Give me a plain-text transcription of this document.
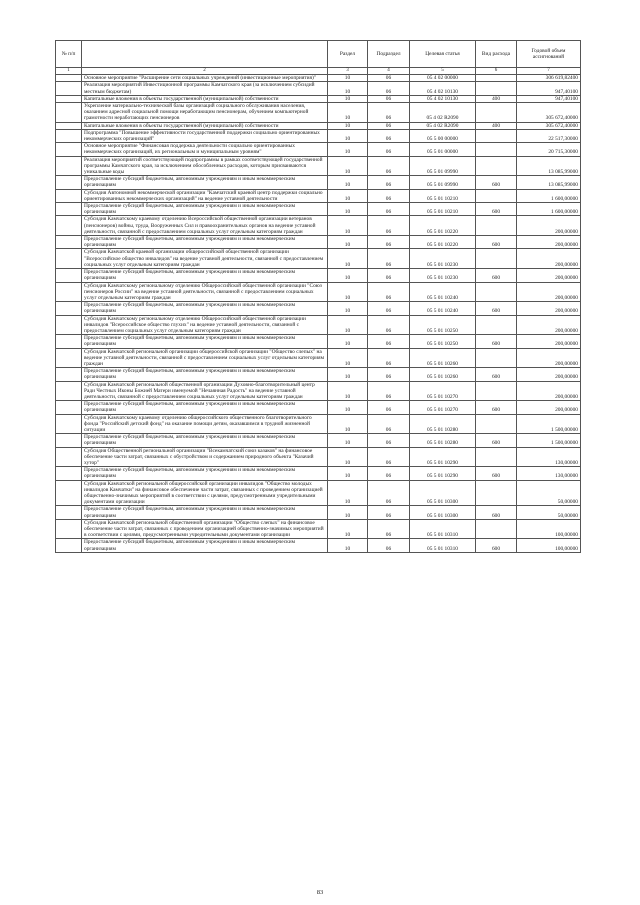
№ п/п		Раздел	Подраздел	Целевая статья	Вид расхода	Годовой объем ассигнований
1	2	3	4	5	6	7
	Основное мероприятие "Расширение сети социальных учреждений (инвестиционные мероприятия)"	10	06	05 4 02 00000		306 619,82400
	Реализация мероприятий Инвестиционной программы Камчатского края (за исключением субсидий местным бюджетам)	10	06	05 4 02 10130		947,40100
	Капитальные вложения в объекты государственной (муниципальной) собственности	10	06	05 4 02 10130	400	947,40100
	Укрепление материально-технической базы организаций социального обслуживания населения, оказанием адресной социальной помощи неработающим пенсионерам, обучением компьютерной грамотности неработающих пенсионеров	10	06	05 4 02 R2090		305 672,40000
	Капитальные вложения в объекты государственной (муниципальной) собственности	10	06	05 4 02 R2090	400	305 672,40000
	Подпрограмма "Повышение эффективности государственной поддержки социально ориентированных некоммерческих организаций"	10	06	05 5 00 00000		22 517,30000
	Основное мероприятие "Финансовая поддержка деятельности социально ориентированных некоммерческих организаций, их региональным и муниципальным уровням"	10	06	05 5 01 00000		20 715,30000
	Реализация мероприятий соответствующей подпрограммы в рамках соответствующей государственной программы Камчатского края, за исключением обособленных расходов, которым присваиваются уникальные коды	10	06	05 5 01 09990		13 085,99000
	Предоставление субсидий бюджетным, автономным учреждениям и иным некоммерческим организациям	10	06	05 5 01 09990	600	13 085,99000
	Субсидия Автономной некоммерческой организации "Камчатский краевой центр поддержки социально ориентированных некоммерческих организаций" на ведение уставной деятельности	10	06	05 5 01 10210		1 600,00000
	Предоставление субсидий бюджетным, автономным учреждениям и иным некоммерческим организациям	10	06	05 5 01 10210	600	1 600,00000
	Субсидия Камчатскому краевому отделению Всероссийской общественной организации ветеранов (пенсионеров) войны, труда, Вооруженных Сил и правоохранительных органов на ведение уставной деятельности, связанной с предоставлением социальных услуг отдельным категориям граждан	10	06	05 5 01 10220		200,00000
	Предоставление субсидий бюджетным, автономным учреждениям и иным некоммерческим организациям	10	06	05 5 01 10220	600	200,00000
	Субсидия Камчатской краевой организации общероссийской общественной организации "Всероссийское общество инвалидов" на ведение уставной деятельности, связанной с предоставлением социальных услуг отдельным категориям граждан	10	06	05 5 01 10230		200,00000
	Предоставление субсидий бюджетным, автономным учреждениям и иным некоммерческим организациям	10	06	05 5 01 10230	600	200,00000
	Субсидия Камчатскому региональному отделению Общероссийской общественной организации "Союз пенсионеров России" на ведение уставной деятельности, связанной с предоставлением социальных услуг отдельным категориям граждан	10	06	05 5 01 10240		200,00000
	Предоставление субсидий бюджетным, автономным учреждениям и иным некоммерческим организациям	10	06	05 5 01 10240	600	200,00000
	Субсидия Камчатскому региональному отделению Общероссийской общественной организации инвалидов "Всероссийское общество глухих" на ведение уставной деятельности, связанной с предоставлением социальных услуг отдельным категориям граждан	10	06	05 5 01 10250		200,00000
	Предоставление субсидий бюджетным, автономным учреждениям и иным некоммерческим организациям	10	06	05 5 01 10250	600	200,00000
	Субсидия Камчатской региональной организации общероссийской организации "Общество слепых" на ведение уставной деятельности, связанной с предоставлением социальных услуг отдельным категориям граждан	10	06	05 5 01 10260		200,00000
	Предоставление субсидий бюджетным, автономным учреждениям и иным некоммерческим организациям	10	06	05 5 01 10260	600	200,00000
	Субсидия Камчатской региональной общественной организации Духовно-благотворительный центр Ради Честных Иконы Божией Матери именуемой "Нечаянная Радость" на ведение уставной деятельности, связанной с предоставлением социальных услуг отдельным категориям граждан	10	06	05 5 01 10270		200,00000
	Предоставление субсидий бюджетным, автономным учреждениям и иным некоммерческим организациям	10	06	05 5 01 10270	600	200,00000
	Субсидия Камчатскому краевому отделению общероссийского общественного благотворительного фонда "Российский детский фонд" на оказание помощи детям, оказавшимся в трудной жизненной ситуации	10	06	05 5 01 10280		1 500,00000
	Предоставление субсидий бюджетным, автономным учреждениям и иным некоммерческим организациям	10	06	05 5 01 10280	600	1 500,00000
	Субсидия Общественной региональной организации "Всекамчатский союз казаков" на финансовое обеспечение части затрат, связанных с обустройством и содержанием природного объекта "Казачий хутор"	10	06	05 5 01 10290		130,00000
	Предоставление субсидий бюджетным, автономным учреждениям и иным некоммерческим организациям	10	06	05 5 01 10290	600	130,00000
	Субсидия Камчатской региональной общероссийской организации инвалидов "Общество молодых инвалидов Камчатки" на финансовое обеспечение части затрат, связанных с проведением организацией общественно-значимых мероприятий в соответствии с целями, предусмотренными учредительными документами организации	10	06	05 5 01 10300		50,00000
	Предоставление субсидий бюджетным, автономным учреждениям и иным некоммерческим организациям	10	06	05 5 01 10300	600	50,00000
	Субсидия Камчатской региональной общественной организации "Общество слепых" на финансовое обеспечение части затрат, связанных с проведением организацией общественно-значимых мероприятий в соответствии с целями, предусмотренными учредительными документами организации	10	06	05 5 01 10310		100,00000
	Предоставление субсидий бюджетным, автономным учреждениям и иным некоммерческим организациям	10	06	05 5 01 10310	600	100,00000
83
